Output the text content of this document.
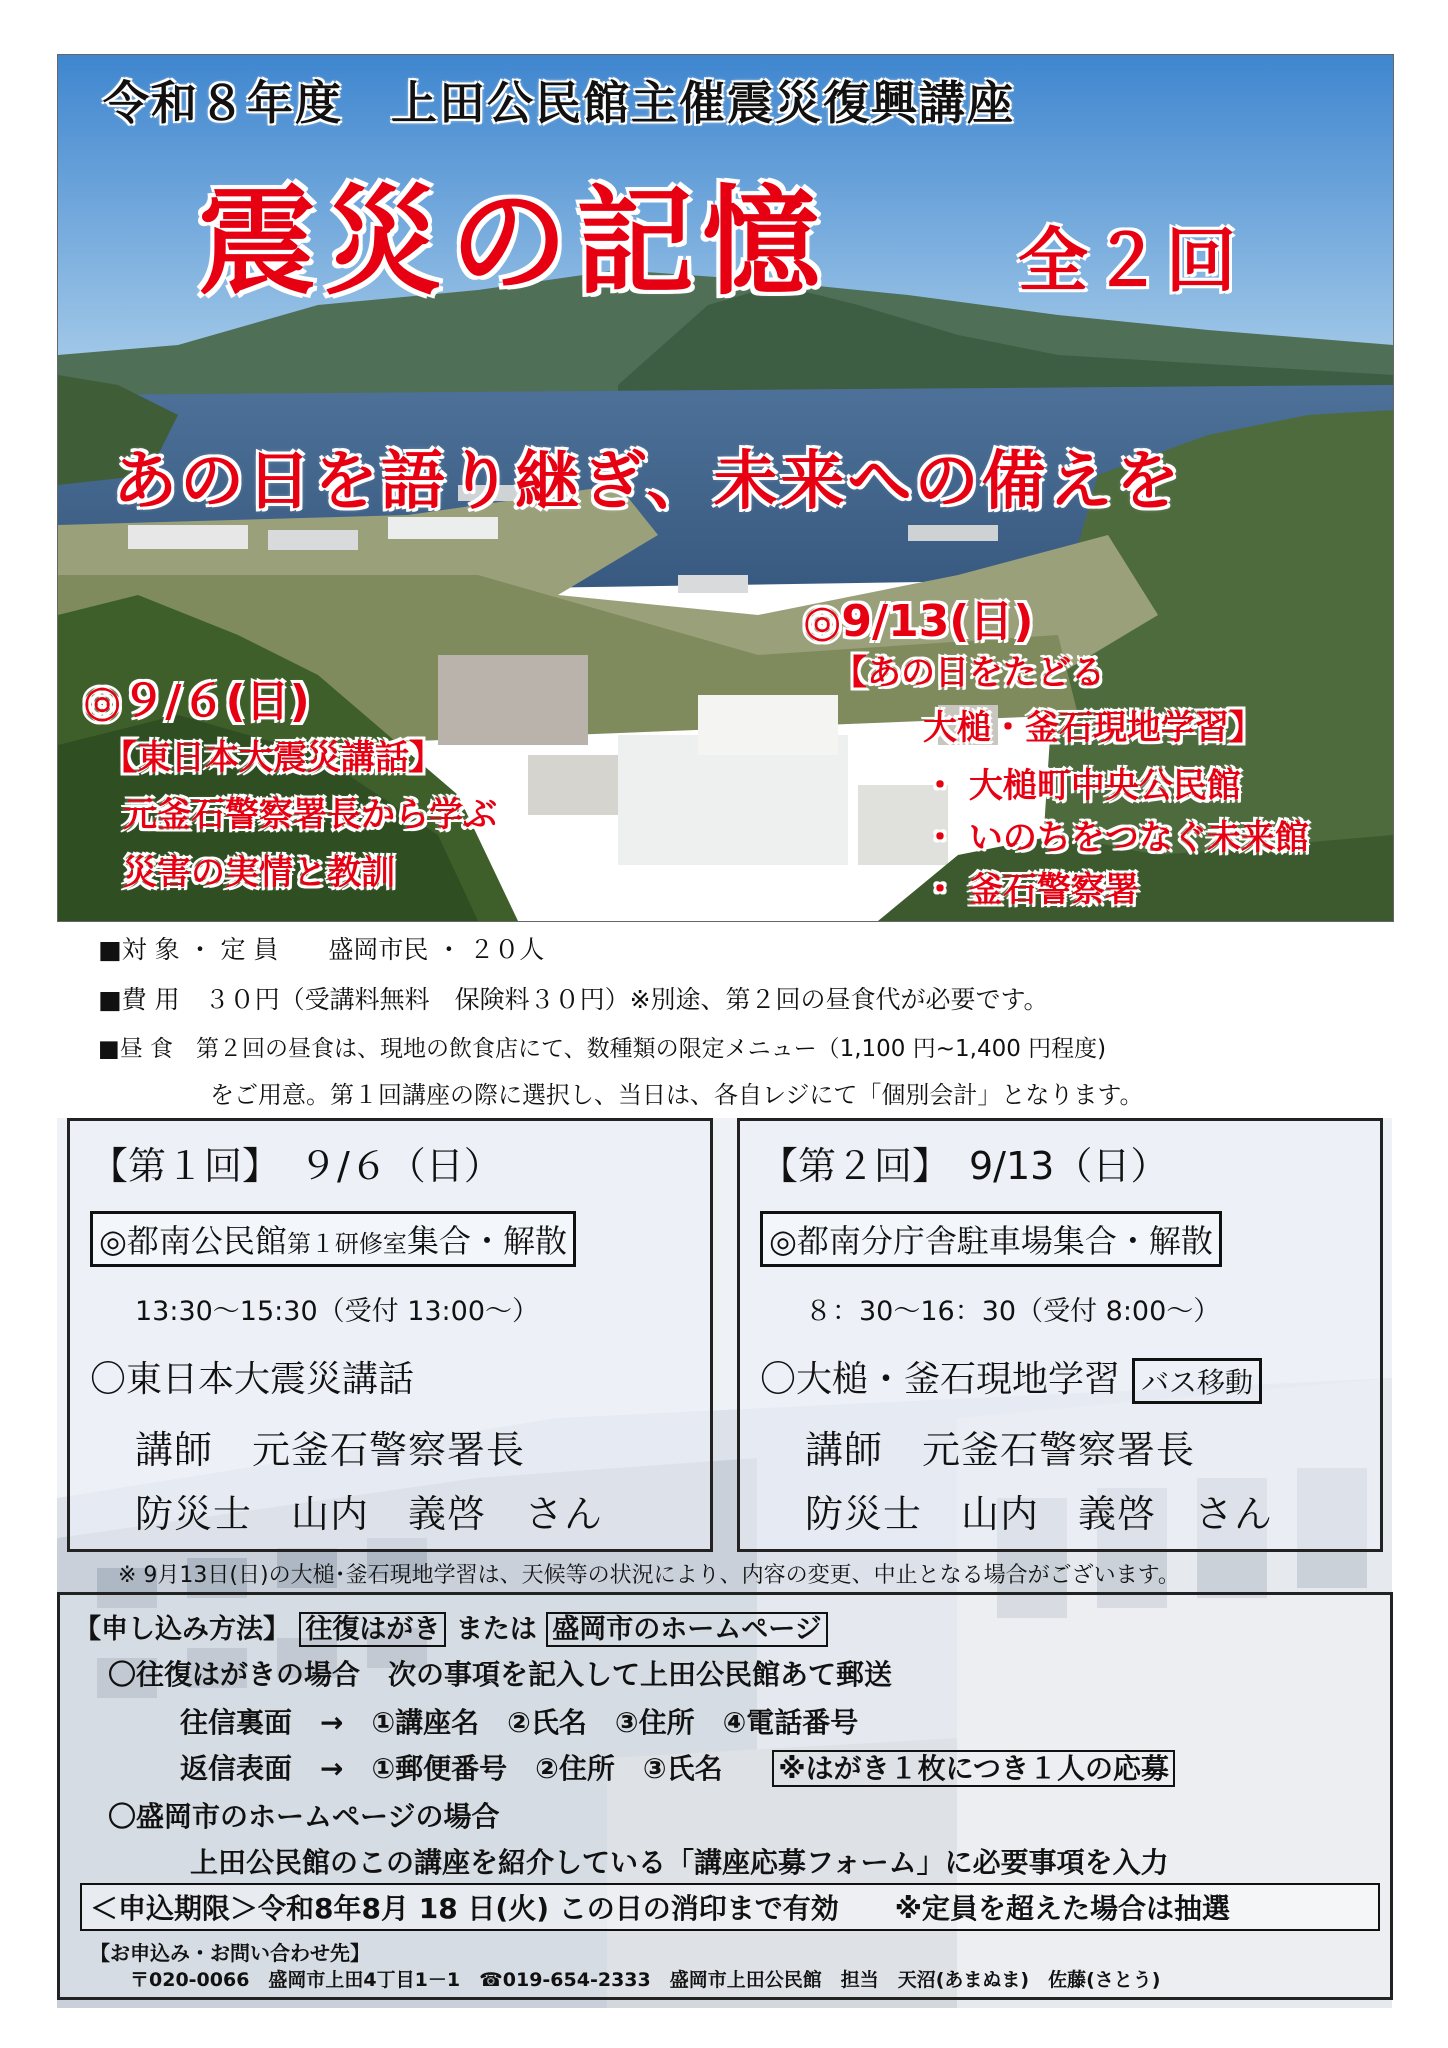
令和８年度　上田公民館主催震災復興講座
震災の記憶	全２回
あの日を語り継ぎ、未来への備えを
◎９/６(日)
【東日本大震災講話】
元釜石警察署長から学ぶ
災害の実情と教訓
◎9/13(日)
【あの日をたどる
大槌・釜石現地学習】
・ 大槌町中央公民館
・ いのちをつなぐ未来館
・ 釜石警察署
■対 象 ・ 定 員　　盛岡市民 ・ ２０人
■費 用　３０円（受講料無料　保険料３０円）※別途、第２回の昼食代が必要です。
■昼 食　第２回の昼食は、現地の飲食店にて、数種類の限定メニュー（1,100 円~1,400 円程度)
をご用意。第１回講座の際に選択し、当日は、各自レジにて「個別会計」となります。
【第１回】　９/６（日）
◎都南公民館第１研修室集合・解散
13:30～15:30（受付 13:00～）
〇東日本大震災講話
講師　元釜石警察署長
防災士　山内　義啓　さん
【第２回】　9/13（日）
◎都南分庁舎駐車場集合・解散
８：30～16：30（受付 8:00～）
〇大槌・釜石現地学習 バス移動
講師　元釜石警察署長
防災士　山内　義啓　さん
※ 9月13日(日)の大槌･釜石現地学習は、天候等の状況により、内容の変更、中止となる場合がございます。
【申し込み方法】 往復はがき または 盛岡市のホームページ
〇往復はがきの場合　次の事項を記入して上田公民館あて郵送
往信裏面　→　①講座名　②氏名　③住所　④電話番号
返信表面　→　①郵便番号　②住所　③氏名 ※はがき１枚につき１人の応募
〇盛岡市のホームページの場合
上田公民館のこの講座を紹介している「講座応募フォーム」に必要事項を入力
＜申込期限＞令和8年8月 18 日(火) この日の消印まで有効　　※定員を超えた場合は抽選
【お申込み・お問い合わせ先】
〒020-0066　盛岡市上田4丁目1－1　☎019-654-2333　盛岡市上田公民館　担当　天沼(あまぬま)　佐藤(さとう)
